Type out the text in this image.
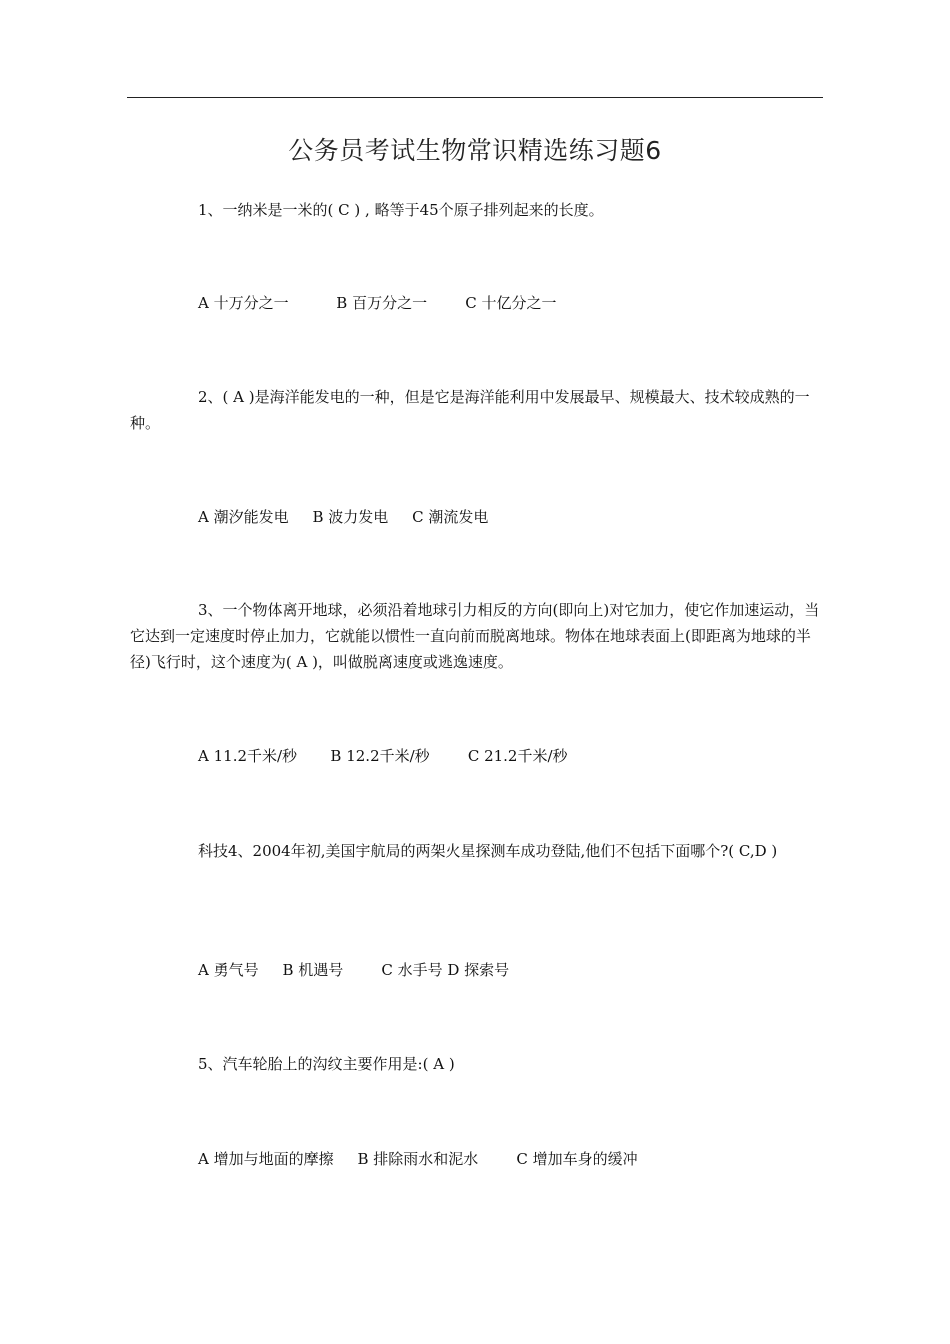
公务员考试生物常识精选练习题6

1、一纳米是一米的( C ) , 略等于45个原子排列起来的长度。

A 十万分之一          B 百万分之一        C 十亿分之一

2、( A )是海洋能发电的一种，但是它是海洋能利用中发展最早、规模最大、技术较成熟的一种。

A 潮汐能发电     B 波力发电     C 潮流发电

3、一个物体离开地球，必须沿着地球引力相反的方向(即向上)对它加力，使它作加速运动，当它达到一定速度时停止加力，它就能以惯性一直向前而脱离地球。物体在地球表面上(即距离为地球的半径)飞行时，这个速度为( A )，叫做脱离速度或逃逸速度。

A 11.2千米/秒       B 12.2千米/秒        C 21.2千米/秒

科技4、2004年初,美国宇航局的两架火星探测车成功登陆,他们不包括下面哪个?( C,D )

A 勇气号     B 机遇号        C 水手号 D 探索号

5、汽车轮胎上的沟纹主要作用是:( A )

A 增加与地面的摩擦     B 排除雨水和泥水        C 增加车身的缓冲
